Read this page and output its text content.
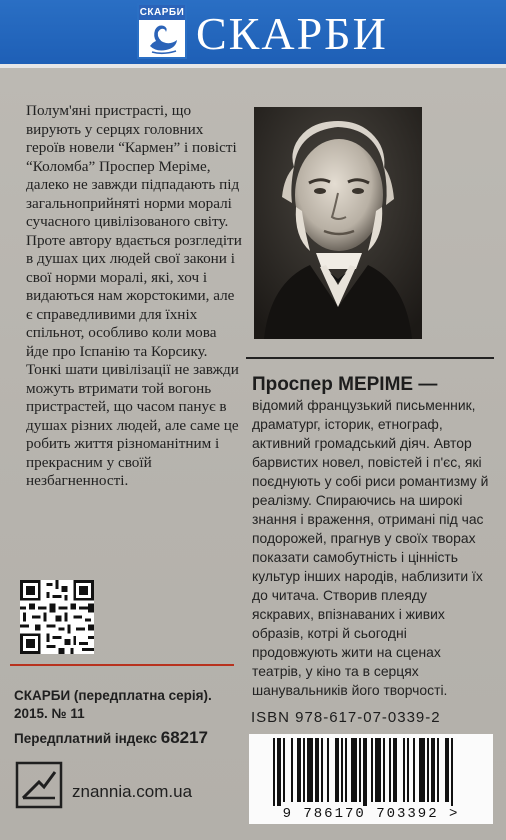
СКАРБИ СКАРБИ
Полум'яні пристрасті, що вирують у серцях головних героїв новели “Кармен” і повісті “Коломба” Проспер Меріме, далеко не завжди підпадають під загальноприйняті норми моралі сучасного цивілізованого світу. Проте автору вдається розгледіти в душах цих людей свої закони і свої норми моралі, які, хоч і видаються нам жорстокими, але є справедливими для їхніх спільнот, особливо коли мова йде про Іспанію та Корсику. Тонкі шати цивілізації не завжди можуть втримати той вогонь пристрастей, що часом панує в душах різних людей, але саме це робить життя різноманітним і прекрасним у своїй незбагненності.
СКАРБИ (передплатна серія).
2015. № 11
Передплатний індекс 68217
znannia.com.ua
Проспер МЕРІМЕ —
відомий французький письменник, драматург, історик, етнограф, активний громадський діяч. Автор барвистих новел, повістей і п'єс, які поєднують у собі риси романтизму й реалізму. Спираючись на широкі знання і враження, отримані під час подорожей, прагнув у своїх творах показати самобутність і цінність культур інших народів, наблизити їх до читача. Створив плеяду яскравих, впізнаваних і живих образів, котрі й сьогодні продовжують жити на сценах театрів, у кіно та в серцях шанувальників його творчості.
ISBN 978-617-07-0339-2
9 786170 703392 >
